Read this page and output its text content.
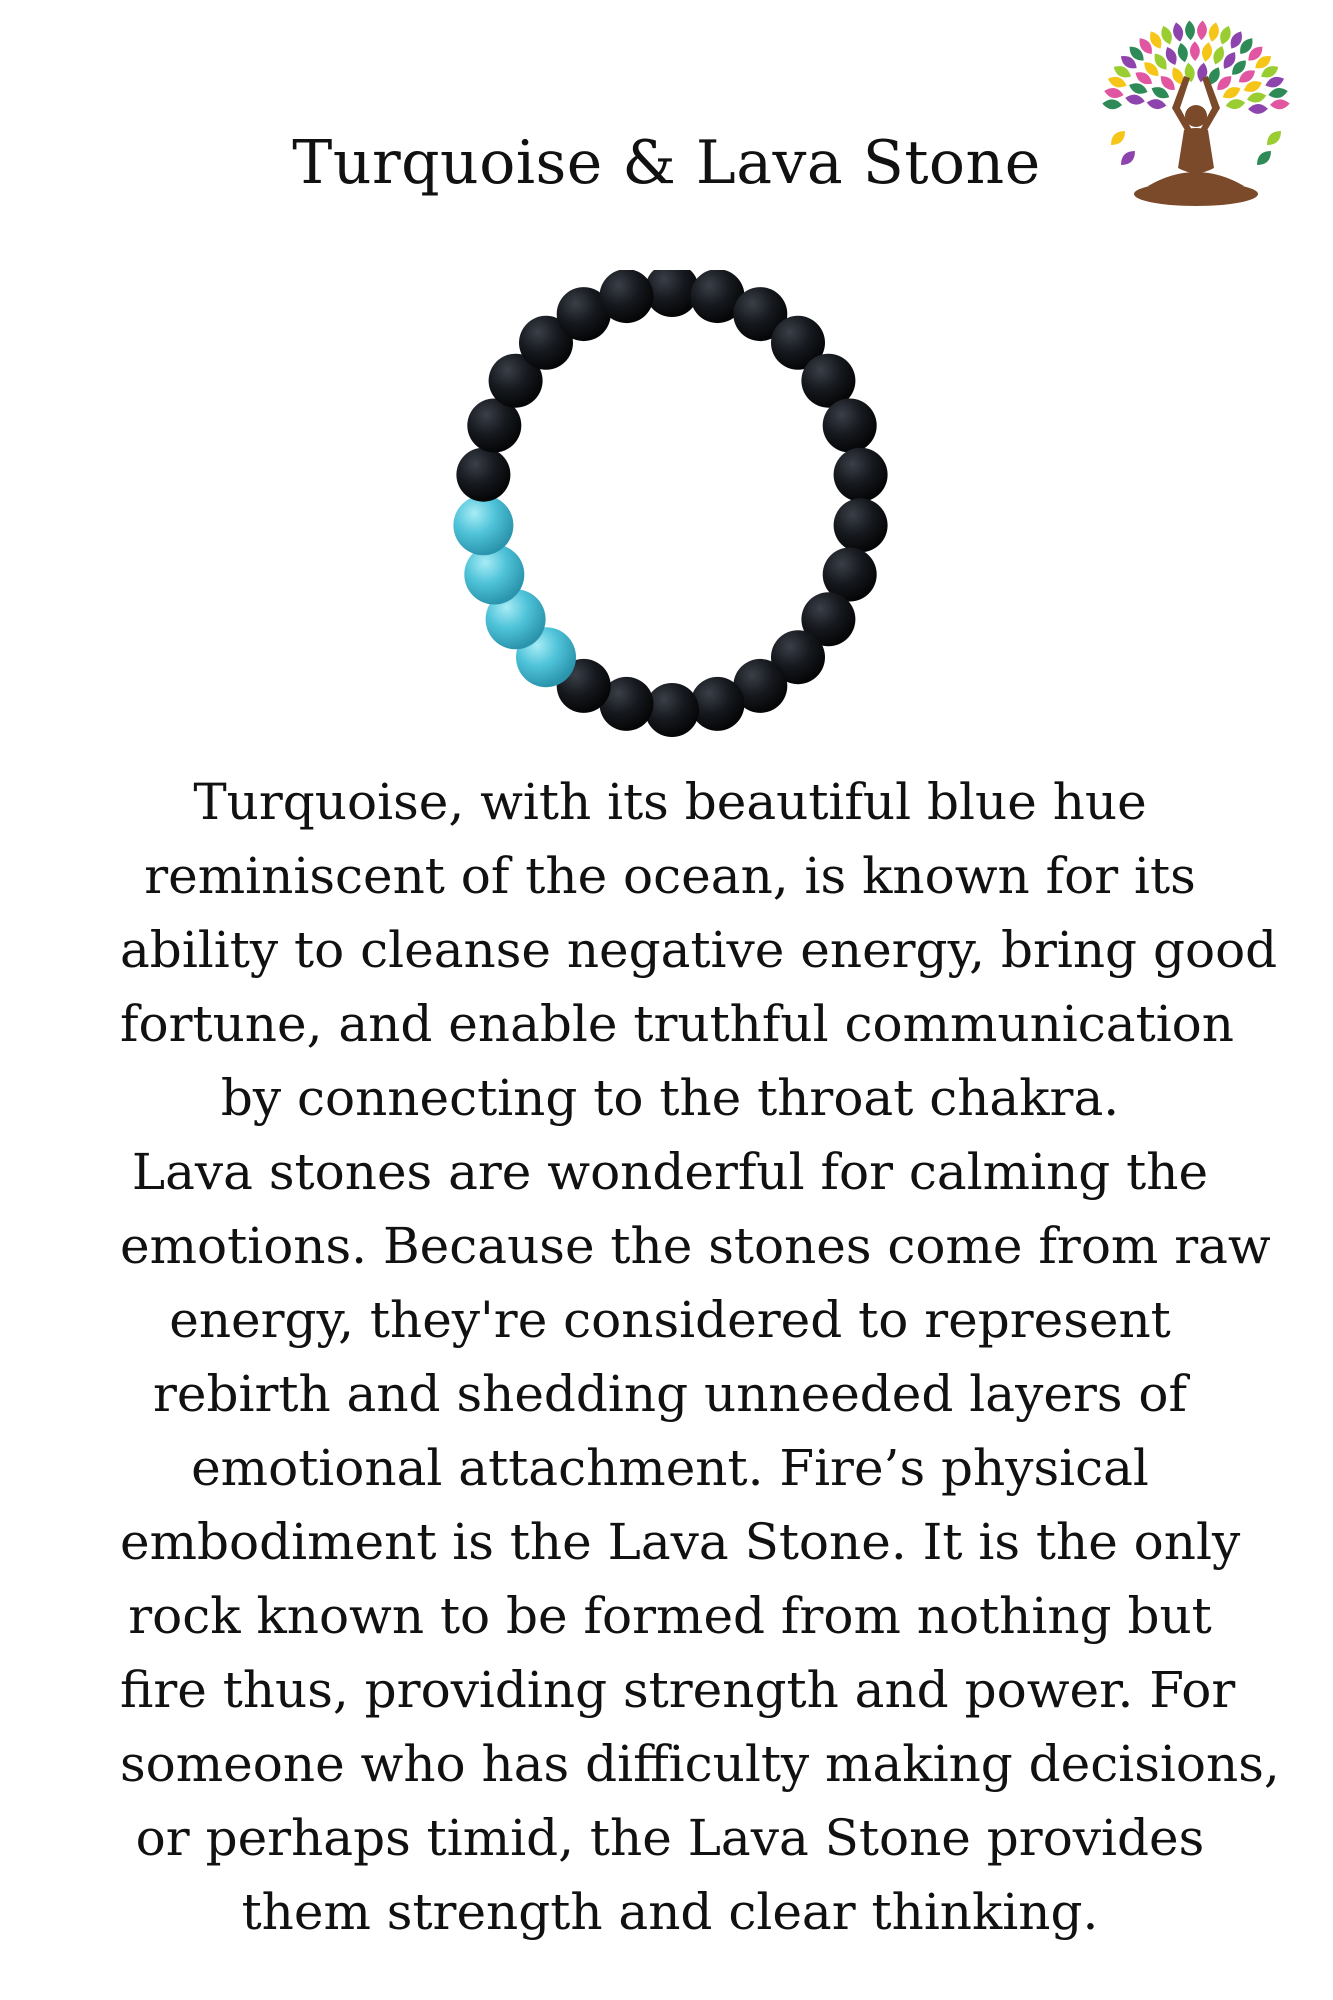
Turquoise & Lava Stone

Turquoise, with its beautiful blue hue
reminiscent of the ocean, is known for its
ability to cleanse negative energy, bring good
fortune, and enable truthful communication
by connecting to the throat chakra.
Lava stones are wonderful for calming the
emotions. Because the stones come from raw
energy, they're considered to represent
rebirth and shedding unneeded layers of
emotional attachment. Fire’s physical
embodiment is the Lava Stone. It is the only
rock known to be formed from nothing but
fire thus, providing strength and power. For
someone who has difficulty making decisions,
or perhaps timid, the Lava Stone provides
them strength and clear thinking.
